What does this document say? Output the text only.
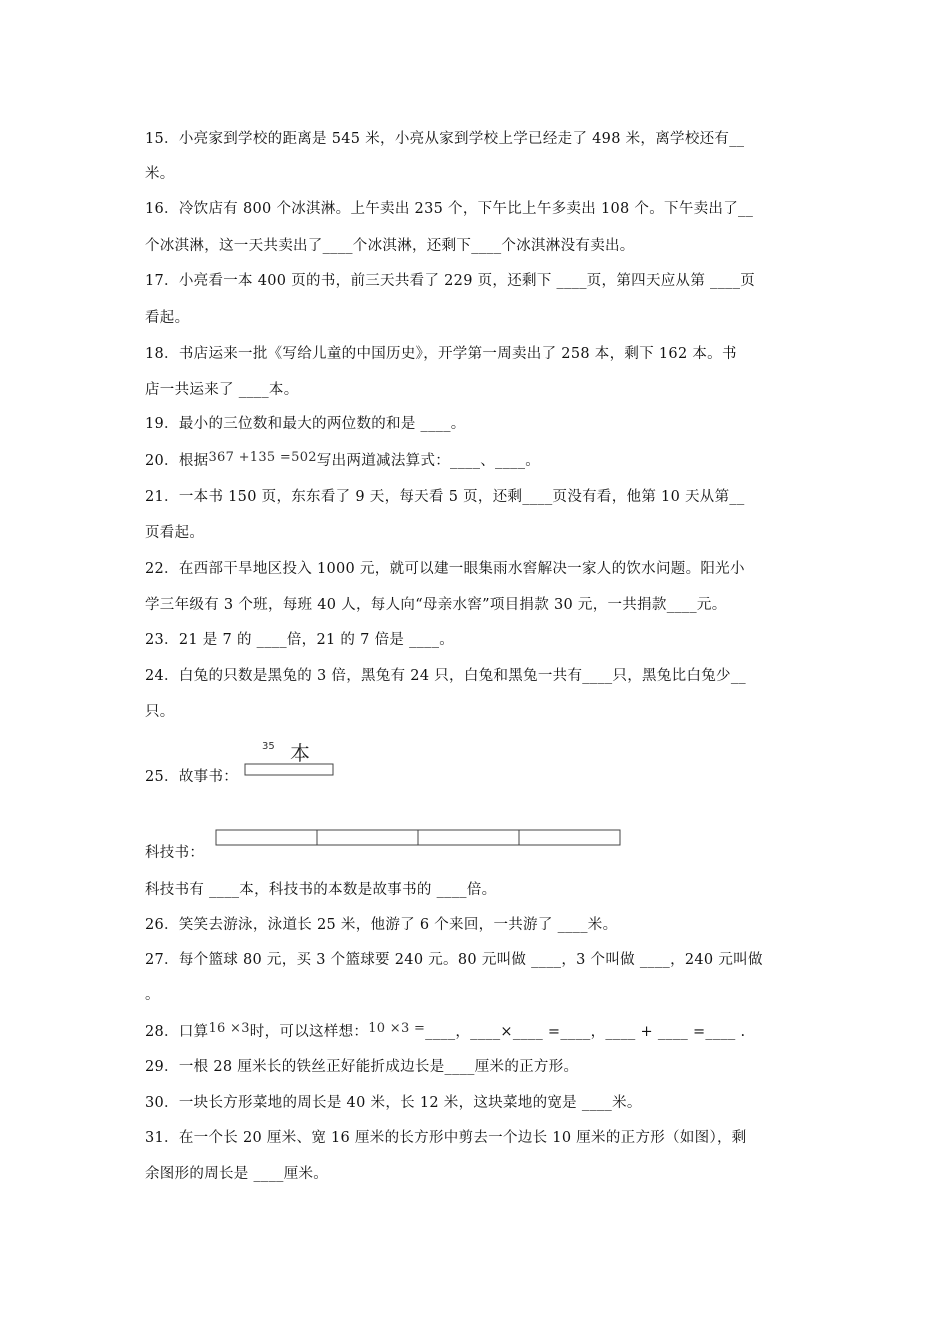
15．小亮家到学校的距离是 545 米，小亮从家到学校上学已经走了 498 米，离学校还有__
米。
16．冷饮店有 800 个冰淇淋。上午卖出 235 个，下午比上午多卖出 108 个。下午卖出了__
个冰淇淋，这一天共卖出了____个冰淇淋，还剩下____个冰淇淋没有卖出。
17．小亮看一本 400 页的书，前三天共看了 229 页，还剩下 ____页，第四天应从第 ____页
看起。
18．书店运来一批《写给儿童的中国历史》，开学第一周卖出了 258 本，剩下 162 本。书
店一共运来了 ____本。
19．最小的三位数和最大的两位数的和是 ____。
20．根据367 +135 =502写出两道减法算式：____、____。
21．一本书 150 页，东东看了 9 天，每天看 5 页，还剩____页没有看，他第 10 天从第__
页看起。
22．在西部干旱地区投入 1000 元，就可以建一眼集雨水窖解决一家人的饮水问题。阳光小
学三年级有 3 个班，每班 40 人，每人向“母亲水窖”项目捐款 30 元，一共捐款____元。
23．21 是 7 的 ____倍，21 的 7 倍是 ____。
24．白兔的只数是黑兔的 3 倍，黑兔有 24 只，白兔和黑兔一共有____只，黑兔比白兔少__
只。
35 本
25．故事书：
科技书：
科技书有 ____本，科技书的本数是故事书的 ____倍。
26．笑笑去游泳，泳道长 25 米，他游了 6 个来回，一共游了 ____米。
27．每个篮球 80 元，买 3 个篮球要 240 元。80 元叫做 ____，3 个叫做 ____，240 元叫做
。
28．口算16 ×3时，可以这样想：10 ×3 =____，____×____ =____，____ + ____ =____ .
29．一根 28 厘米长的铁丝正好能折成边长是____厘米的正方形。
30．一块长方形菜地的周长是 40 米，长 12 米，这块菜地的宽是 ____米。
31．在一个长 20 厘米、宽 16 厘米的长方形中剪去一个边长 10 厘米的正方形（如图），剩
余图形的周长是 ____厘米。
